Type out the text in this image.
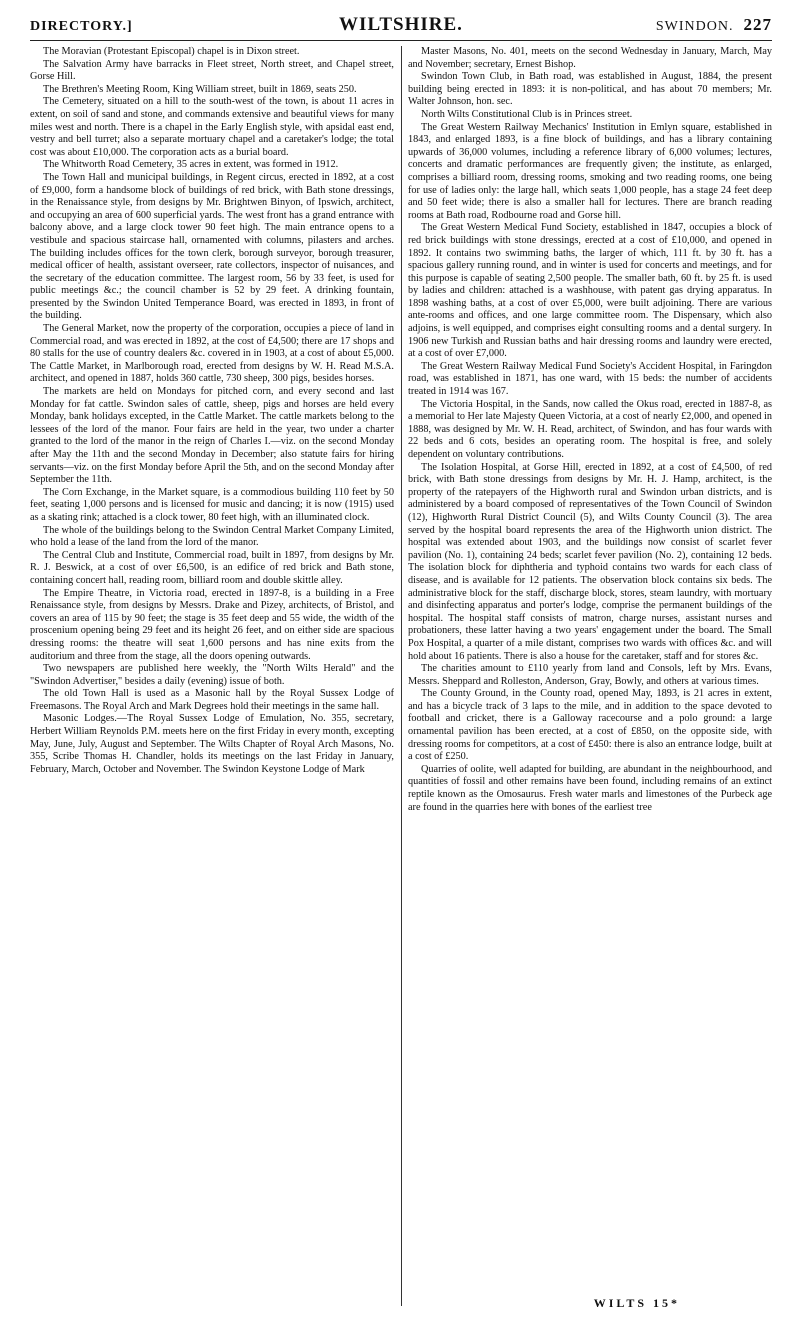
DIRECTORY.]	WILTSHIRE.	SWINDON. 227

The Moravian (Protestant Episcopal) chapel is in Dixon street.

The Salvation Army have barracks in Fleet street, North street, and Chapel street, Gorse Hill.

The Brethren's Meeting Room, King William street, built in 1869, seats 250.

The Cemetery, situated on a hill to the south-west of the town, is about 11 acres in extent, on soil of sand and stone, and commands extensive and beautiful views for many miles west and north. There is a chapel in the Early English style, with apsidal east end, vestry and bell turret; also a separate mortuary chapel and a caretaker's lodge; the total cost was about £10,000. The corporation acts as a burial board.

The Whitworth Road Cemetery, 35 acres in extent, was formed in 1912.

The Town Hall and municipal buildings, in Regent circus, erected in 1892, at a cost of £9,000, form a handsome block of buildings of red brick, with Bath stone dressings, in the Renaissance style, from designs by Mr. Brightwen Binyon, of Ipswich, architect, and occupying an area of 600 superficial yards. The west front has a grand entrance with balcony above, and a large clock tower 90 feet high. The main entrance opens to a vestibule and spacious staircase hall, ornamented with columns, pilasters and arches. The building includes offices for the town clerk, borough surveyor, borough treasurer, medical officer of health, assistant overseer, rate collectors, inspector of nuisances, and the secretary of the education committee. The largest room, 56 by 33 feet, is used for public meetings &c.; the council chamber is 52 by 29 feet. A drinking fountain, presented by the Swindon United Temperance Board, was erected in 1893, in front of the building.

The General Market, now the property of the corporation, occupies a piece of land in Commercial road, and was erected in 1892, at the cost of £4,500; there are 17 shops and 80 stalls for the use of country dealers &c. covered in in 1903, at a cost of about £5,000. The Cattle Market, in Marlborough road, erected from designs by W. H. Read M.S.A. architect, and opened in 1887, holds 360 cattle, 730 sheep, 300 pigs, besides horses.

The markets are held on Mondays for pitched corn, and every second and last Monday for fat cattle. Swindon sales of cattle, sheep, pigs and horses are held every Monday, bank holidays excepted, in the Cattle Market. The cattle markets belong to the lessees of the lord of the manor. Four fairs are held in the year, two under a charter granted to the lord of the manor in the reign of Charles I.—viz. on the second Monday after May the 11th and the second Monday in December; also statute fairs for hiring servants—viz. on the first Monday before April the 5th, and on the second Monday after September the 11th.

The Corn Exchange, in the Market square, is a commodious building 110 feet by 50 feet, seating 1,000 persons and is licensed for music and dancing; it is now (1915) used as a skating rink; attached is a clock tower, 80 feet high, with an illuminated clock.

The whole of the buildings belong to the Swindon Central Market Company Limited, who hold a lease of the land from the lord of the manor.

The Central Club and Institute, Commercial road, built in 1897, from designs by Mr. R. J. Beswick, at a cost of over £6,500, is an edifice of red brick and Bath stone, containing concert hall, reading room, billiard room and double skittle alley.

The Empire Theatre, in Victoria road, erected in 1897-8, is a building in a Free Renaissance style, from designs by Messrs. Drake and Pizey, architects, of Bristol, and covers an area of 115 by 90 feet; the stage is 35 feet deep and 55 wide, the width of the proscenium opening being 29 feet and its height 26 feet, and on either side are spacious dressing rooms: the theatre will seat 1,600 persons and has nine exits from the auditorium and three from the stage, all the doors opening outwards.

Two newspapers are published here weekly, the "North Wilts Herald" and the "Swindon Advertiser," besides a daily (evening) issue of both.

The old Town Hall is used as a Masonic hall by the Royal Sussex Lodge of Freemasons. The Royal Arch and Mark Degrees hold their meetings in the same hall.

Masonic Lodges.—The Royal Sussex Lodge of Emulation, No. 355, secretary, Herbert William Reynolds P.M. meets here on the first Friday in every month, excepting May, June, July, August and September. The Wilts Chapter of Royal Arch Masons, No. 355, Scribe Thomas H. Chandler, holds its meetings on the last Friday in January, February, March, October and November. The Swindon Keystone Lodge of Mark

Master Masons, No. 401, meets on the second Wednesday in January, March, May and November; secretary, Ernest Bishop.

Swindon Town Club, in Bath road, was established in August, 1884, the present building being erected in 1893: it is non-political, and has about 70 members; Mr. Walter Johnson, hon. sec.

North Wilts Constitutional Club is in Princes street.

The Great Western Railway Mechanics' Institution in Emlyn square, established in 1843, and enlarged 1893, is a fine block of buildings, and has a library containing upwards of 36,000 volumes, including a reference library of 6,000 volumes; lectures, concerts and dramatic performances are frequently given; the institute, as enlarged, comprises a billiard room, dressing rooms, smoking and two reading rooms, one being for use of ladies only: the large hall, which seats 1,000 people, has a stage 24 feet deep and 50 feet wide; there is also a smaller hall for lectures. There are branch reading rooms at Bath road, Rodbourne road and Gorse hill.

The Great Western Medical Fund Society, established in 1847, occupies a block of red brick buildings with stone dressings, erected at a cost of £10,000, and opened in 1892. It contains two swimming baths, the larger of which, 111 ft. by 30 ft. has a spacious gallery running round, and in winter is used for concerts and meetings, and for this purpose is capable of seating 2,500 people. The smaller bath, 60 ft. by 25 ft. is used by ladies and children: attached is a washhouse, with patent gas drying apparatus. In 1898 washing baths, at a cost of over £5,000, were built adjoining. There are various ante-rooms and offices, and one large committee room. The Dispensary, which also adjoins, is well equipped, and comprises eight consulting rooms and a dental surgery. In 1906 new Turkish and Russian baths and hair dressing rooms and laundry were erected, at a cost of over £7,000.

The Great Western Railway Medical Fund Society's Accident Hospital, in Faringdon road, was established in 1871, has one ward, with 15 beds: the number of accidents treated in 1914 was 167.

The Victoria Hospital, in the Sands, now called the Okus road, erected in 1887-8, as a memorial to Her late Majesty Queen Victoria, at a cost of nearly £2,000, and opened in 1888, was designed by Mr. W. H. Read, architect, of Swindon, and has four wards with 22 beds and 6 cots, besides an operating room. The hospital is free, and solely dependent on voluntary contributions.

The Isolation Hospital, at Gorse Hill, erected in 1892, at a cost of £4,500, of red brick, with Bath stone dressings from designs by Mr. H. J. Hamp, architect, is the property of the ratepayers of the Highworth rural and Swindon urban districts, and is administered by a board composed of representatives of the Town Council of Swindon (12), Highworth Rural District Council (5), and Wilts County Council (3). The area served by the hospital board represents the area of the Highworth union district. The hospital was extended about 1903, and the buildings now consist of scarlet fever pavilion (No. 1), containing 24 beds; scarlet fever pavilion (No. 2), containing 12 beds. The isolation block for diphtheria and typhoid contains two wards for each class of disease, and is available for 12 patients. The observation block contains six beds. The administrative block for the staff, discharge block, stores, steam laundry, with mortuary and disinfecting apparatus and porter's lodge, comprise the permanent buildings of the hospital. The hospital staff consists of matron, charge nurses, assistant nurses and probationers, these latter having a two years' engagement under the board. The Small Pox Hospital, a quarter of a mile distant, comprises two wards with offices &c. and will hold about 16 patients. There is also a house for the caretaker, staff and for stores &c.

The charities amount to £110 yearly from land and Consols, left by Mrs. Evans, Messrs. Sheppard and Rolleston, Anderson, Gray, Bowly, and others at various times.

The County Ground, in the County road, opened May, 1893, is 21 acres in extent, and has a bicycle track of 3 laps to the mile, and in addition to the space devoted to football and cricket, there is a Galloway racecourse and a polo ground: a large ornamental pavilion has been erected, at a cost of £850, on the opposite side, with dressing rooms for competitors, at a cost of £450: there is also an entrance lodge, built at a cost of £250.

Quarries of oolite, well adapted for building, are abundant in the neighbourhood, and quantities of fossil and other remains have been found, including remains of an extinct reptile known as the Omosaurus. Fresh water marls and limestones of the Purbeck age are found in the quarries here with bones of the earliest tree

WILTS 15*
